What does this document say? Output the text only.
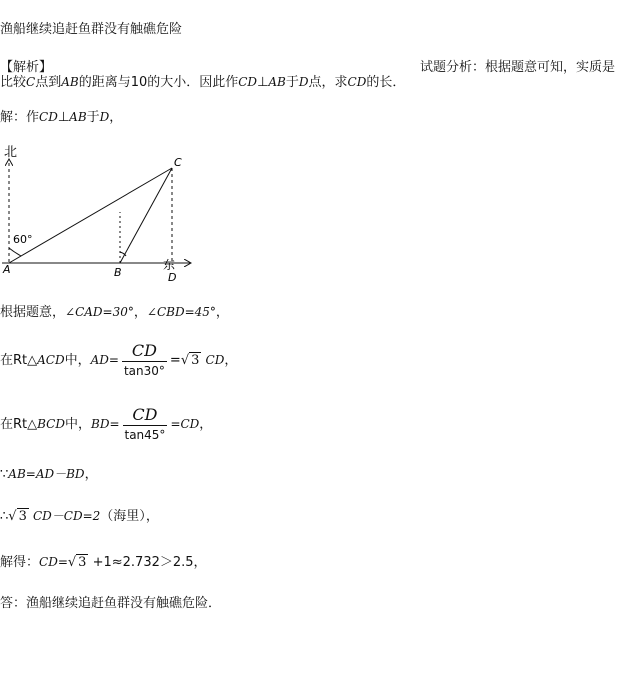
渔船继续追赶鱼群没有触礁危险
【解析】	试题分析：根据题意可知，实质是
比较C点到AB的距离与10的大小．因此作CD⊥AB于D点，求CD的长．
解：作CD⊥AB于D，
北
东
60°
A	B
C
D
根据题意，∠CAD=30°，∠CBD=45°，
在Rt△ACD中，$AD= \frac{CD}{\tan 30^\circ}$ =√ 3 CD，
在Rt△BCD中，$BD= \frac{CD}{\tan 45^\circ} =CD$，
∵AB=AD－BD，
∴√ 3 CD－CD=2（海里），
解得：CD=√ 3 +1≈2.732＞2.5，
答：渔船继续追赶鱼群没有触礁危险．
